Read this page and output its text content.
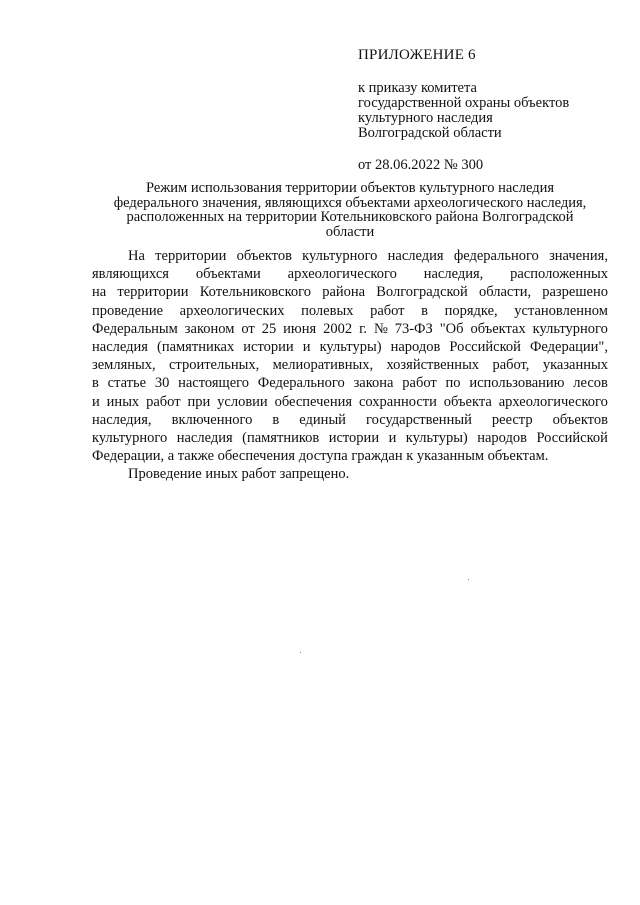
ПРИЛОЖЕНИЕ 6
к приказу комитета
государственной охраны объектов
культурного наследия
Волгоградской области
от 28.06.2022 № 300
Режим использования территории объектов культурного наследия
федерального значения, являющихся объектами археологического наследия,
расположенных на территории Котельниковского района Волгоградской
области
На территории объектов культурного наследия федерального значения,
являющихся объектами археологического наследия, расположенных
на территории Котельниковского района Волгоградской области, разрешено
проведение археологических полевых работ в порядке, установленном
Федеральным законом от 25 июня 2002 г. № 73-ФЗ "Об объектах культурного
наследия (памятниках истории и культуры) народов Российской Федерации",
земляных, строительных, мелиоративных, хозяйственных работ, указанных
в статье 30 настоящего Федерального закона работ по использованию лесов
и иных работ при условии обеспечения сохранности объекта археологического
наследия, включенного в единый государственный реестр объектов
культурного наследия (памятников истории и культуры) народов Российской
Федерации, а также обеспечения доступа граждан к указанным объектам.
Проведение иных работ запрещено.
